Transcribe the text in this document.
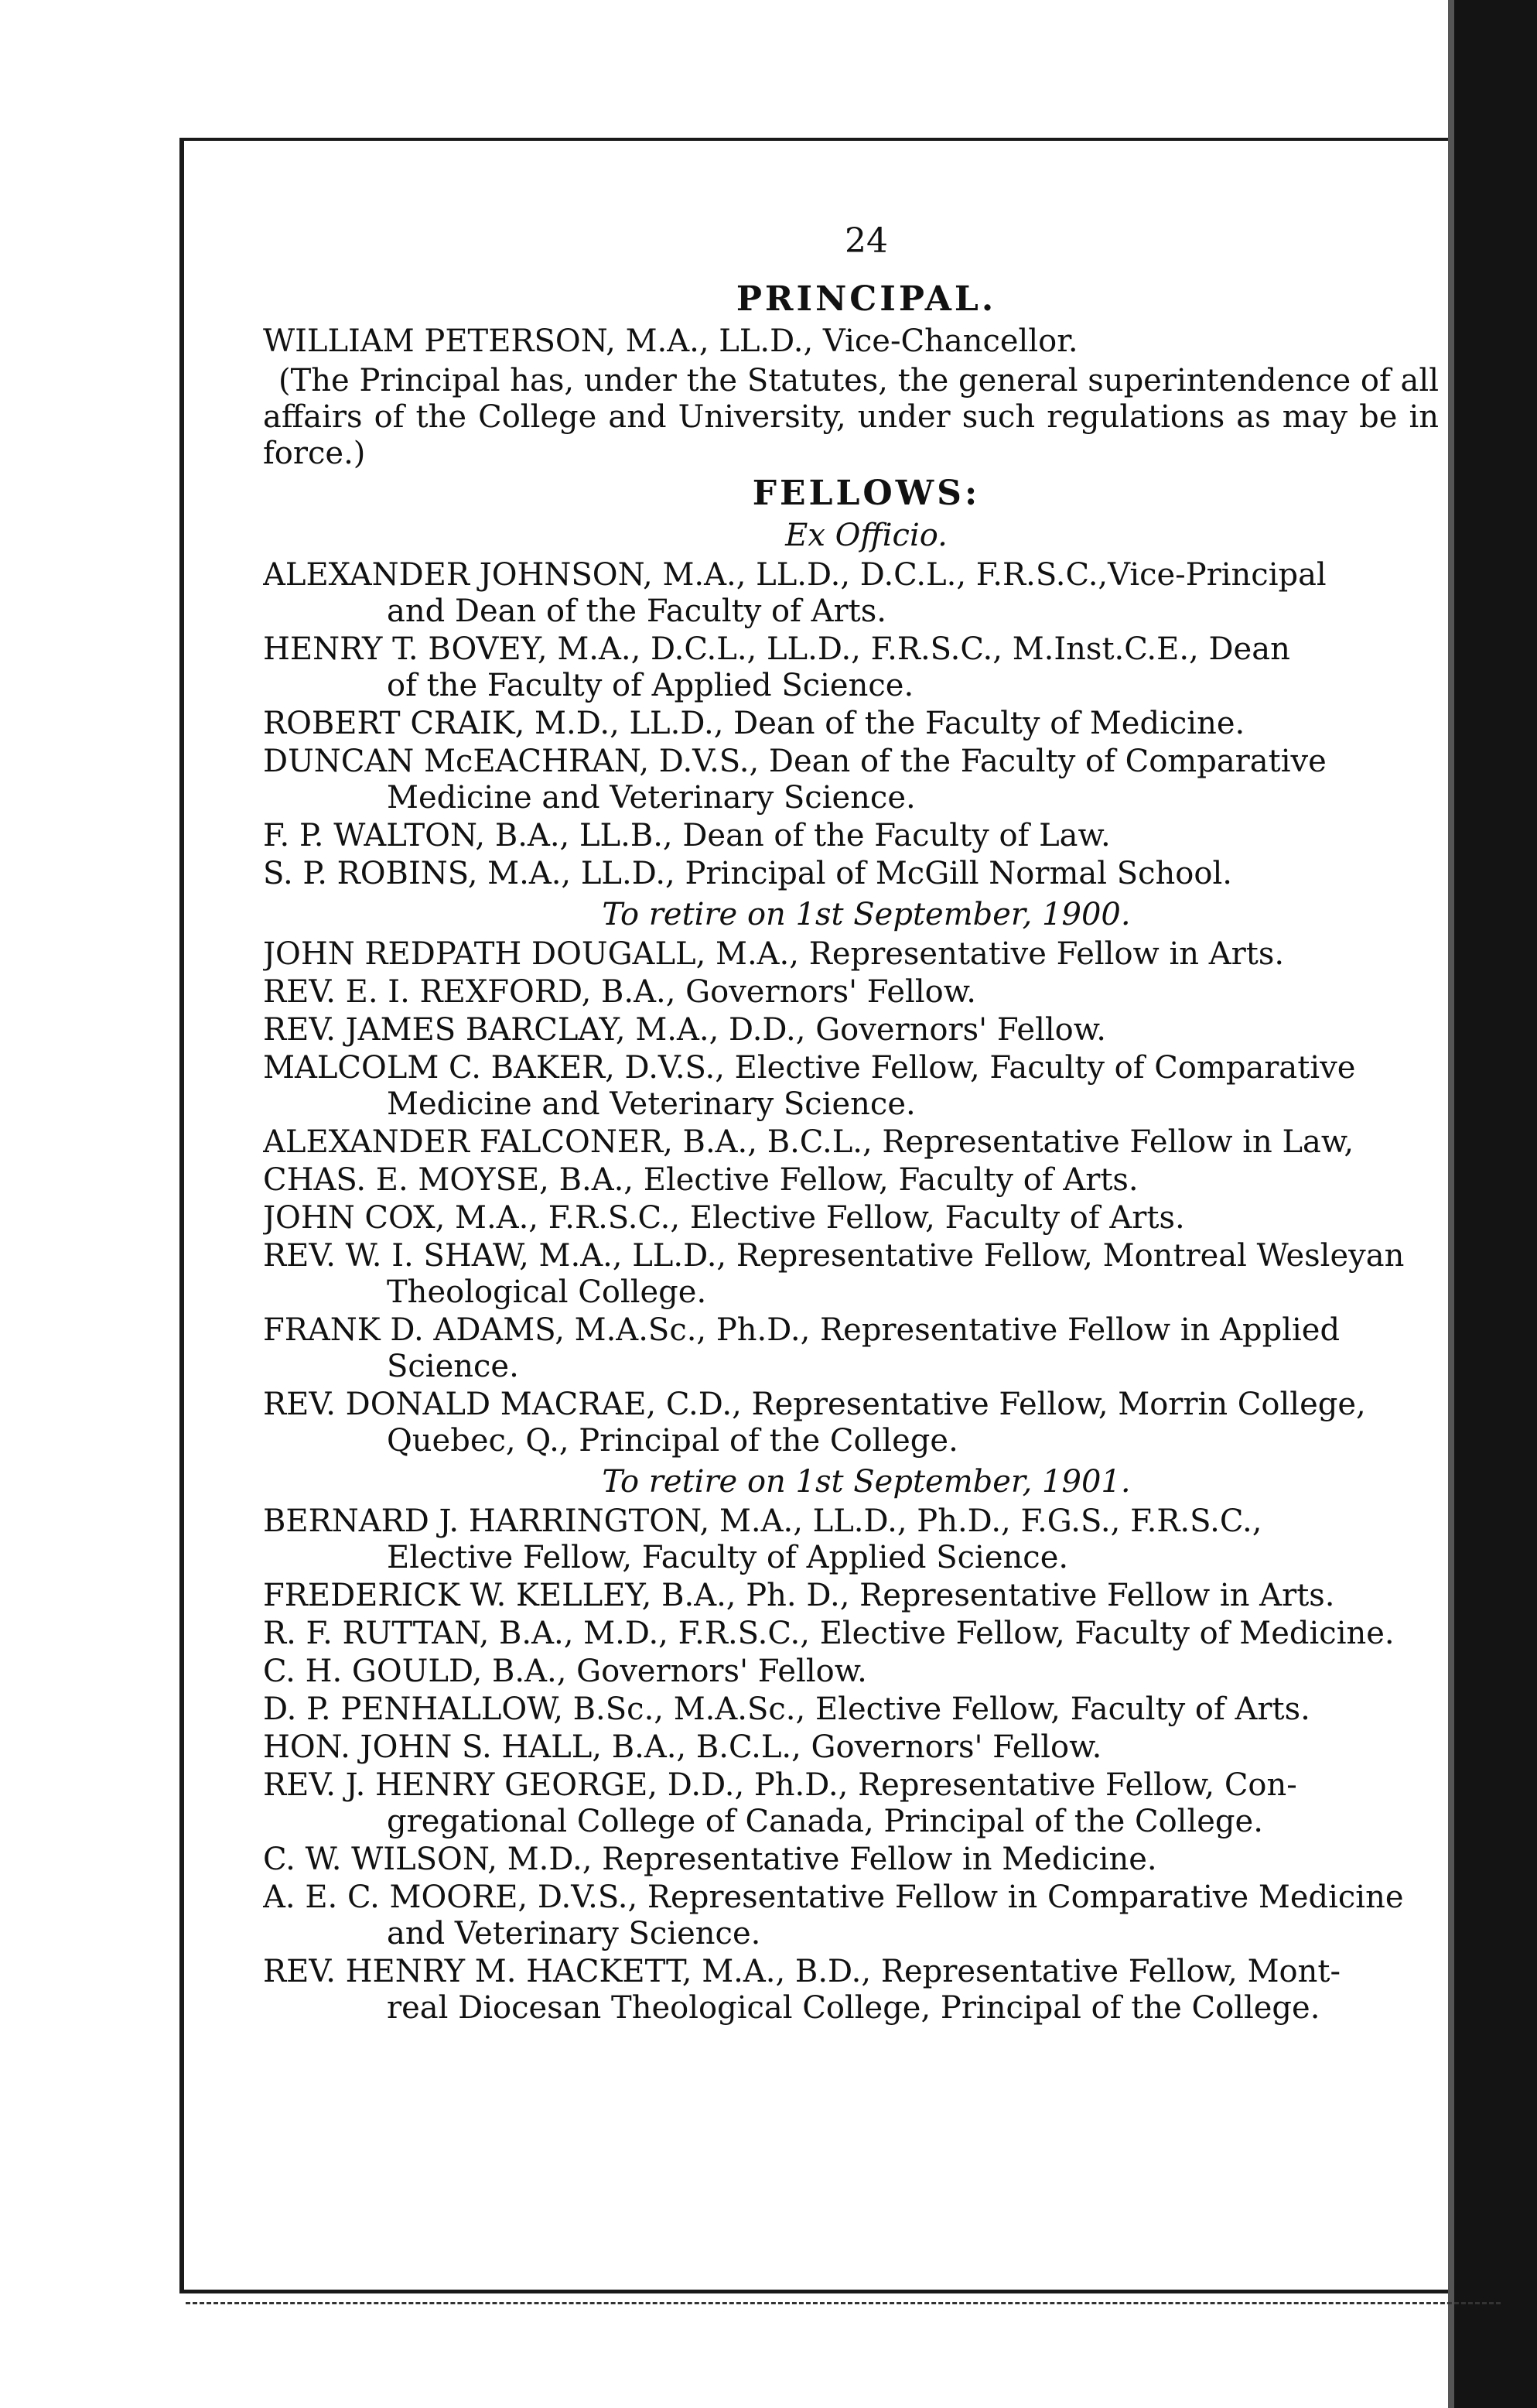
24
PRINCIPAL.
WILLIAM PETERSON, M.A., LL.D., Vice-Chancellor.
(The Principal has, under the Statutes, the general superintendence of all affairs of the College and University, under such regulations as may be in force.)
FELLOWS:
Ex Officio.
ALEXANDER JOHNSON, M.A., LL.D., D.C.L., F.R.S.C.,Vice-Principal
and Dean of the Faculty of Arts.
HENRY T. BOVEY, M.A., D.C.L., LL.D., F.R.S.C., M.Inst.C.E., Dean
of the Faculty of Applied Science.
ROBERT CRAIK, M.D., LL.D., Dean of the Faculty of Medicine.
DUNCAN McEACHRAN, D.V.S., Dean of the Faculty of Comparative
Medicine and Veterinary Science.
F. P. WALTON, B.A., LL.B., Dean of the Faculty of Law.
S. P. ROBINS, M.A., LL.D., Principal of McGill Normal School.
To retire on 1st September, 1900.
JOHN REDPATH DOUGALL, M.A., Representative Fellow in Arts.
REV. E. I. REXFORD, B.A., Governors' Fellow.
REV. JAMES BARCLAY, M.A., D.D., Governors' Fellow.
MALCOLM C. BAKER, D.V.S., Elective Fellow, Faculty of Comparative
Medicine and Veterinary Science.
ALEXANDER FALCONER, B.A., B.C.L., Representative Fellow in Law,
CHAS. E. MOYSE, B.A., Elective Fellow, Faculty of Arts.
JOHN COX, M.A., F.R.S.C., Elective Fellow, Faculty of Arts.
REV. W. I. SHAW, M.A., LL.D., Representative Fellow, Montreal Wesleyan
Theological College.
FRANK D. ADAMS, M.A.Sc., Ph.D., Representative Fellow in Applied
Science.
REV. DONALD MACRAE, C.D., Representative Fellow, Morrin College,
Quebec, Q., Principal of the College.
To retire on 1st September, 1901.
BERNARD J. HARRINGTON, M.A., LL.D., Ph.D., F.G.S., F.R.S.C.,
Elective Fellow, Faculty of Applied Science.
FREDERICK W. KELLEY, B.A., Ph. D., Representative Fellow in Arts.
R. F. RUTTAN, B.A., M.D., F.R.S.C., Elective Fellow, Faculty of Medicine.
C. H. GOULD, B.A., Governors' Fellow.
D. P. PENHALLOW, B.Sc., M.A.Sc., Elective Fellow, Faculty of Arts.
HON. JOHN S. HALL, B.A., B.C.L., Governors' Fellow.
REV. J. HENRY GEORGE, D.D., Ph.D., Representative Fellow, Con-
gregational College of Canada, Principal of the College.
C. W. WILSON, M.D., Representative Fellow in Medicine.
A. E. C. MOORE, D.V.S., Representative Fellow in Comparative Medicine
and Veterinary Science.
REV. HENRY M. HACKETT, M.A., B.D., Representative Fellow, Mont-
real Diocesan Theological College, Principal of the College.
